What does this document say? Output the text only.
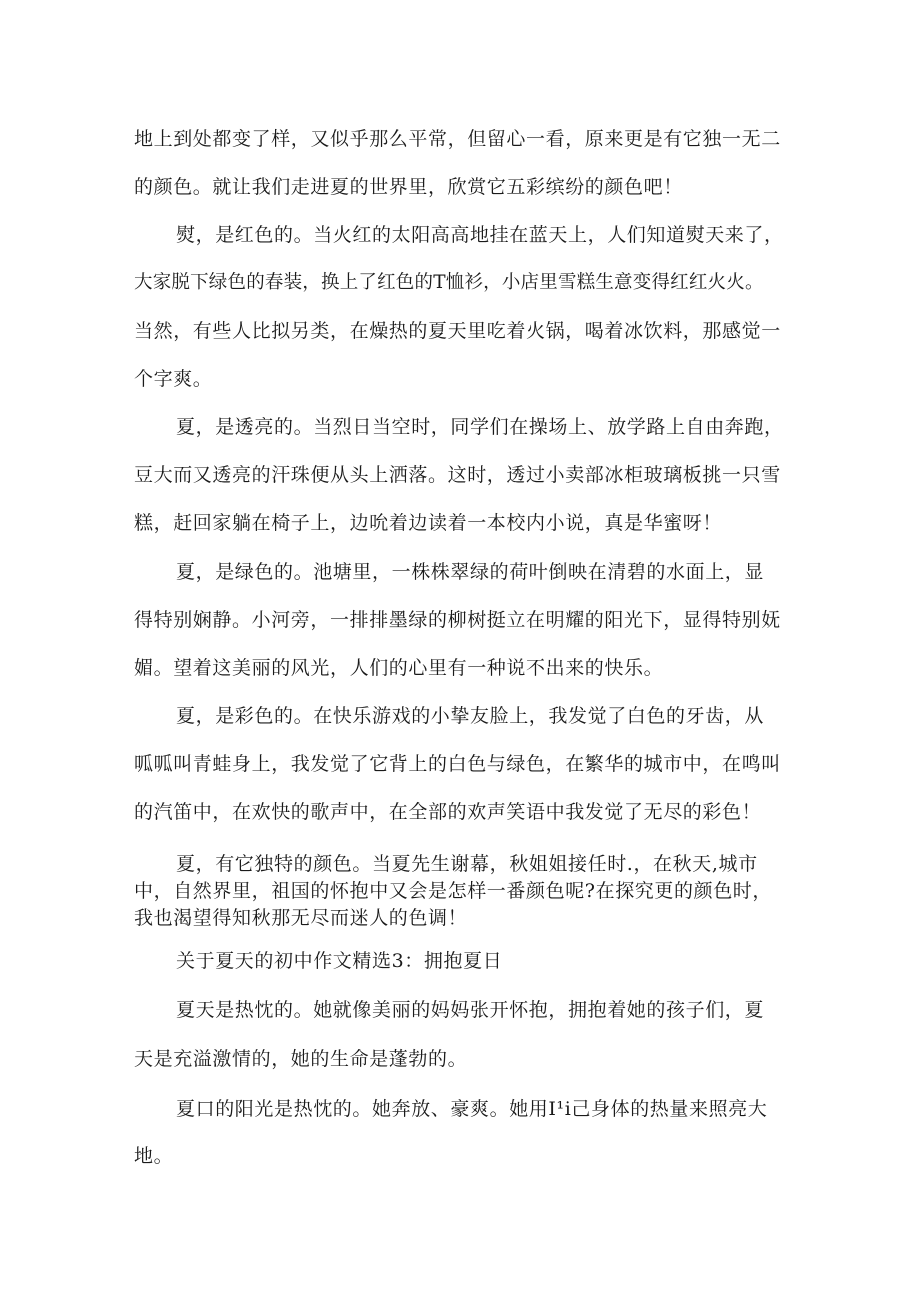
地上到处都变了样，又似乎那么平常，但留心一看，原来更是有它独一无二
的颜色。就让我们走进夏的世界里，欣赏它五彩缤纷的颜色吧！
熨，是红色的。当火红的太阳高高地挂在蓝天上，人们知道熨天来了，
大家脱下绿色的春装，换上了红色的T恤衫，小店里雪糕生意变得红红火火。
当然，有些人比拟另类，在燥热的夏天里吃着火锅，喝着冰饮料，那感觉一
个字爽。
夏，是透亮的。当烈日当空时，同学们在操场上、放学路上自由奔跑，
豆大而又透亮的汗珠便从头上洒落。这时，透过小卖部冰柜玻璃板挑一只雪
糕，赶回家躺在椅子上，边吮着边读着一本校内小说，真是华蜜呀！
夏，是绿色的。池塘里，一株株翠绿的荷叶倒映在清碧的水面上，显
得特别娴静。小河旁，一排排墨绿的柳树挺立在明耀的阳光下，显得特别妩
媚。望着这美丽的风光，人们的心里有一种说不出来的快乐。
夏，是彩色的。在快乐游戏的小挚友脸上，我发觉了白色的牙齿，从
呱呱叫青蛙身上，我发觉了它背上的白色与绿色，在繁华的城市中，在鸣叫
的汽笛中，在欢快的歌声中，在全部的欢声笑语中我发觉了无尽的彩色！
夏，有它独特的颜色。当夏先生谢幕，秋姐姐接任时.，在秋天,城市
中，自然界里，祖国的怀抱中又会是怎样一番颜色呢?在探究更的颜色时，
我也渴望得知秋那无尽而迷人的色调！
关于夏天的初中作文精选3：拥抱夏日
夏天是热忱的。她就像美丽的妈妈张开怀抱，拥抱着她的孩子们，夏
天是充溢激情的，她的生命是蓬勃的。
夏口的阳光是热忱的。她奔放、豪爽。她用I¹i己身体的热量来照亮大
地。
